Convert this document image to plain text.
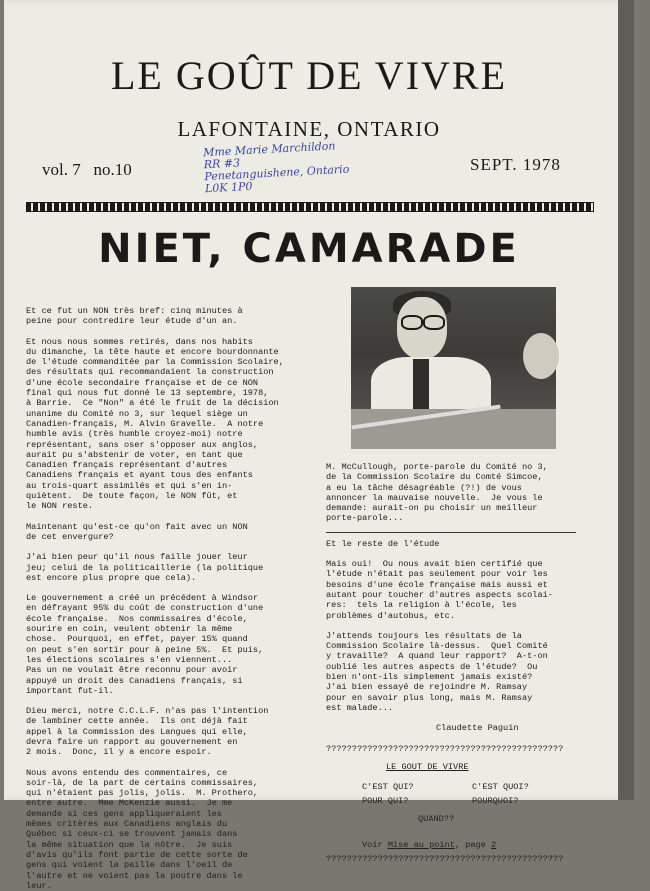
LE GOÛT DE VIVRE
LAFONTAINE, ONTARIO
vol. 7   no.10	SEPT. 1978
Mme Marie Marchildon
RR #3
Penetanguishene, Ontario
L0K 1P0
NIET, CAMARADE
Et ce fut un NON très bref: cinq minutes à
peine pour contredire leur étude d'un an.
Et nous nous sommes retirés, dans nos habits
du dimanche, la tête haute et encore bourdonnante
de l'étude commanditée par la Commission Scolaire,
des résultats qui recommandaient la construction
d'une école secondaire française et de ce NON
final qui nous fut donné le 13 septembre, 1978,
à Barrie.  Ce "Non" a été le fruit de la décision
unanime du Comité no 3, sur lequel siège un
Canadien-français, M. Alvin Gravelle.  A notre
humble avis (très humble croyez-moi) notre
représentant, sans oser s'opposer aux anglos,
aurait pu s'abstenir de voter, en tant que
Canadien français représentant d'autres
Canadiens français et ayant tous des enfants
au trois-quart assimilés et qui s'en in-
quiètent.  De toute façon, le NON fût, et
le NON reste.
Maintenant qu'est-ce qu'on fait avec un NON
de cet envergure?
J'ai bien peur qu'il nous faille jouer leur
jeu; celui de la politicaillerie (la politique
est encore plus propre que cela).
Le gouvernement a créé un précédent à Windsor
en défrayant 95% du coût de construction d'une
école française.  Nos commissaires d'école,
sourire en coin, veulent obtenir la même
chose.  Pourquoi, en effet, payer 15% quand
on peut s'en sortir pour à peine 5%.  Et puis,
les élections scolaires s'en viennent...
Pas un ne voulait être reconnu pour avoir
appuyé un droit des Canadiens français, si
important fut-il.
Dieu merci, notre C.C.L.F. n'as pas l'intention
de lambiner cette année.  Ils ont déjà fait
appel à la Commission des Langues qui elle,
devra faire un rapport au gouvernement en
2 mois.  Donc, il y a encore espoir.
Nous avons entendu des commentaires, ce
soir-là, de la part de certains commissaires,
qui n'étaient pas jolis, jolis.  M. Prothero,
entre autre.  Mme McKenzie aussi.  Je me
demande si ces gens appliqueraient les
mêmes critères aux Canadiens anglais du
Québec si ceux-ci se trouvent jamais dans
la même situation que la nôtre.  Je suis
d'avis qu'ils font partie de cette sorte de
gens qui voient la paille dans l'oeil de
l'autre et ne voient pas la poutre dans le
leur.
M. McCullough, porte-parole du Comité no 3,
de la Commission Scolaire du Comté Simcoe,
a eu la tâche désagréable (?!) de vous
annoncer la mauvaise nouvelle.  Je vous le
demande: aurait-on pu choisir un meilleur
porte-parole...
Et le reste de l'étude
Mais oui!  Ou nous avait bien certifié que
l'étude n'était pas seulement pour voir les
besoins d'une école française mais aussi et
autant pour toucher d'autres aspects scolai-
res:  tels la religion à l'école, les
problèmes d'autobus, etc.
J'attends toujours les résultats de la
Commission Scolaire là-dessus.  Quel Comité
y travaille?  A quand leur rapport?  A-t-on
oublié les autres aspects de l'étude?  Ou
bien n'ont-ils simplement jamais existé?
J'ai bien essayé de rejoindre M. Ramsay
pour en savoir plus long, mais M. Ramsay
est malade...
Claudette Paguin
??????????????????????????????????????????????
LE GOUT DE VIVRE
C'EST QUI?	C'EST QUOI?
POUR QUI?	POURQUOI?
QUAND??
Voir Mise au point, page 2
??????????????????????????????????????????????
